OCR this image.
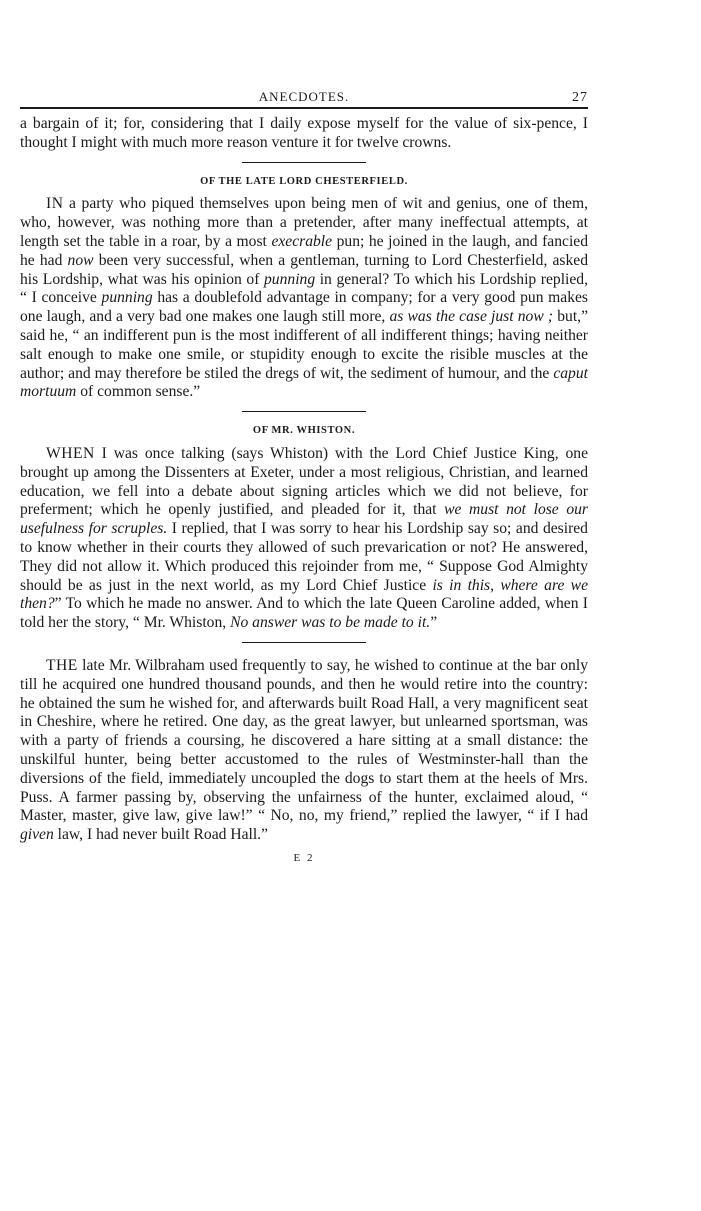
ANECDOTES.	27

a bargain of it; for, considering that I daily expose myself for the value of six-pence, I thought I might with much more reason venture it for twelve crowns.

OF THE LATE LORD CHESTERFIELD.

IN a party who piqued themselves upon being men of wit and genius, one of them, who, however, was nothing more than a pretender, after many ineffectual attempts, at length set the table in a roar, by a most execrable pun; he joined in the laugh, and fancied he had now been very successful, when a gentleman, turning to Lord Chesterfield, asked his Lordship, what was his opinion of punning in general? To which his Lordship replied, “ I conceive punning has a doublefold advantage in company; for a very good pun makes one laugh, and a very bad one makes one laugh still more, as was the case just now ; but,” said he, “ an indifferent pun is the most indifferent of all indifferent things; having neither salt enough to make one smile, or stupidity enough to excite the risible muscles at the author; and may therefore be stiled the dregs of wit, the sediment of humour, and the caput mortuum of common sense.”

OF MR. WHISTON.

WHEN I was once talking (says Whiston) with the Lord Chief Justice King, one brought up among the Dissenters at Exeter, under a most religious, Christian, and learned education, we fell into a debate about signing articles which we did not believe, for preferment; which he openly justified, and pleaded for it, that we must not lose our usefulness for scruples. I replied, that I was sorry to hear his Lordship say so; and desired to know whether in their courts they allowed of such prevarication or not? He answered, They did not allow it. Which produced this rejoinder from me, “ Suppose God Almighty should be as just in the next world, as my Lord Chief Justice is in this, where are we then?” To which he made no answer. And to which the late Queen Caroline added, when I told her the story, “ Mr. Whiston, No answer was to be made to it.”

THE late Mr. Wilbraham used frequently to say, he wished to continue at the bar only till he acquired one hundred thousand pounds, and then he would retire into the country: he obtained the sum he wished for, and afterwards built Road Hall, a very magnificent seat in Cheshire, where he retired. One day, as the great lawyer, but unlearned sportsman, was with a party of friends a coursing, he discovered a hare sitting at a small distance: the unskilful hunter, being better accustomed to the rules of Westminster-hall than the diversions of the field, immediately uncoupled the dogs to start them at the heels of Mrs. Puss. A farmer passing by, observing the unfairness of the hunter, exclaimed aloud, “ Master, master, give law, give law!” “ No, no, my friend,” replied the lawyer, “ if I had given law, I had never built Road Hall.”

E 2
